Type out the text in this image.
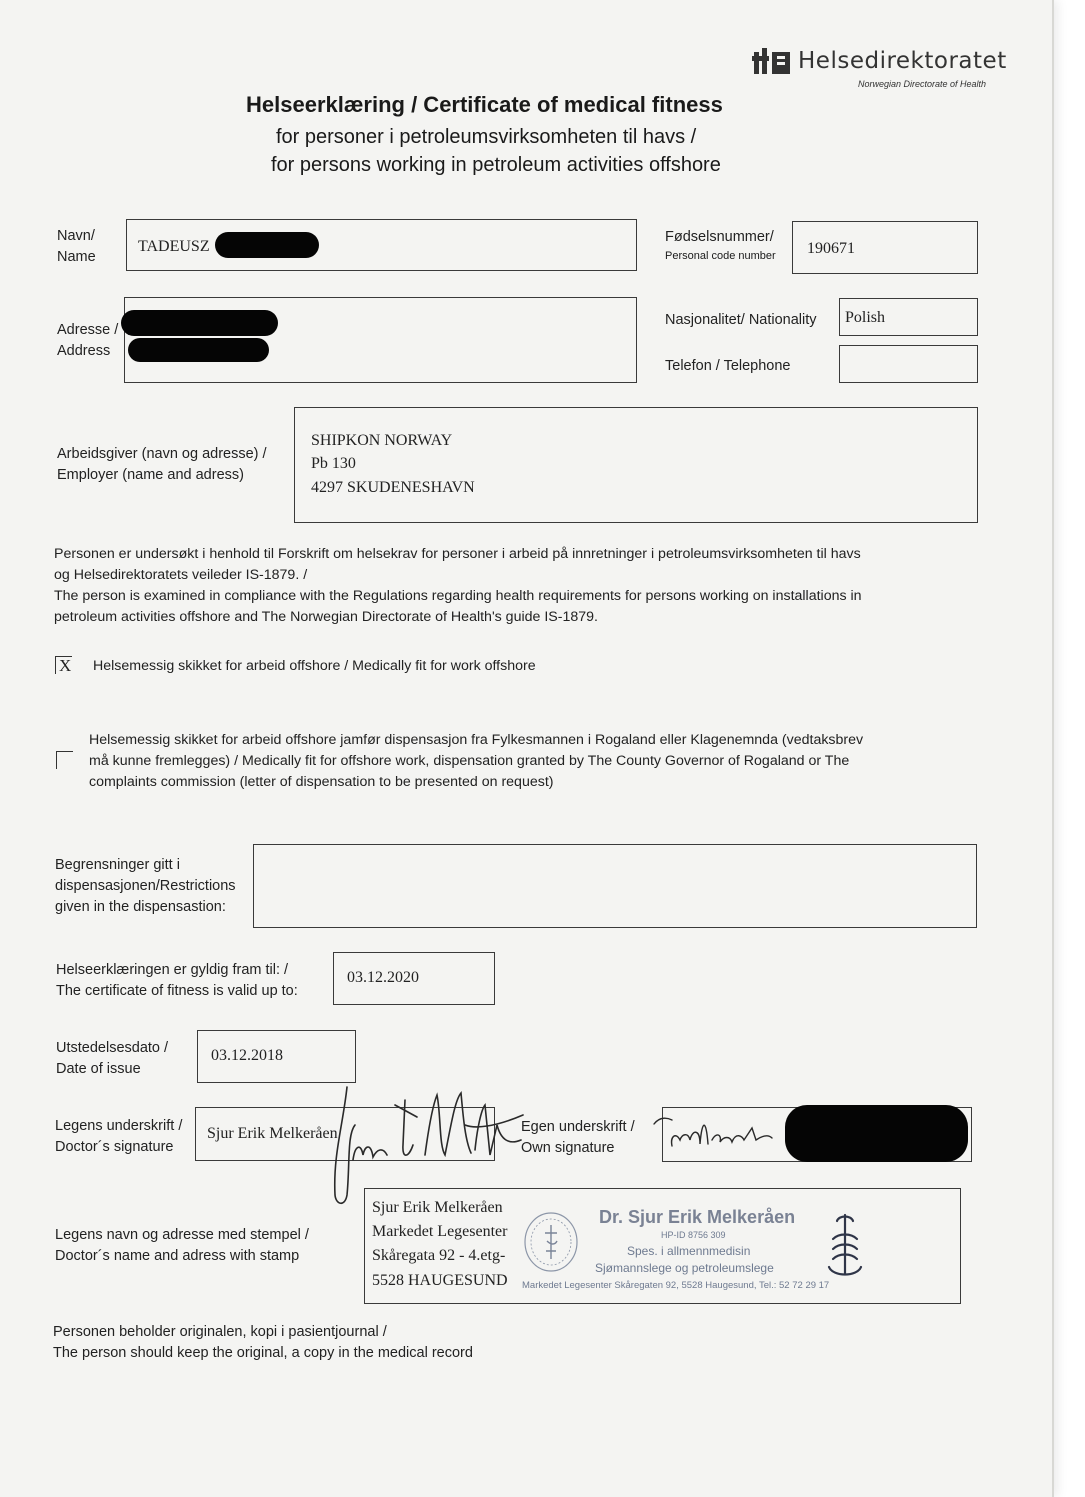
Helsedirektoratet
Norwegian Directorate of Health
Helseerklæring / Certificate of medical fitness
for personer i petroleumsvirksomheten til havs /
for persons working in petroleum activities offshore
Navn/
Name
TADEUSZ
Fødselsnummer/
Personal code number 190671
Adresse /
Address
Nasjonalitet/ Nationality Polish
Telefon / Telephone
Arbeidsgiver (navn og adresse) /
Employer (name and adress)
SHIPKON NORWAY
Pb 130
4297 SKUDENESHAVN
Personen er undersøkt i henhold til Forskrift om helsekrav for personer i arbeid på innretninger i petroleumsvirksomheten til havs
og Helsedirektoratets veileder IS-1879. /
The person is examined in compliance with the Regulations regarding health requirements for persons working on installations in
petroleum activities offshore and The Norwegian Directorate of Health's guide IS-1879.
X Helsemessig skikket for arbeid offshore / Medically fit for work offshore
Helsemessig skikket for arbeid offshore jamfør dispensasjon fra Fylkesmannen i Rogaland eller Klagenemnda (vedtaksbrev
må kunne fremlegges) / Medically fit for offshore work, dispensation granted by The County Governor of Rogaland or The
complaints commission (letter of dispensation to be presented on request)
Begrensninger gitt i
dispensasjonen/Restrictions
given in the dispensastion:
Helseerklæringen er gyldig fram til: /
The certificate of fitness is valid up to:
03.12.2020
Utstedelsesdato /
Date of issue
03.12.2018
Legens underskrift /
Doctor´s signature
Sjur Erik Melkeråen	Egen underskrift /
Own signature
Legens navn og adresse med stempel /
Doctor´s name and adress with stamp
Sjur Erik Melkeråen
Markedet Legesenter
Skåregata 92 - 4.etg-
5528 HAUGESUND
Dr. Sjur Erik Melkeråen
HP-ID 8756 309
Spes. i allmennmedisin
Sjømannslege og petroleumslege
Markedet Legesenter Skåregaten 92, 5528 Haugesund, Tel.: 52 72 29 17
Personen beholder originalen, kopi i pasientjournal /
The person should keep the original, a copy in the medical record
